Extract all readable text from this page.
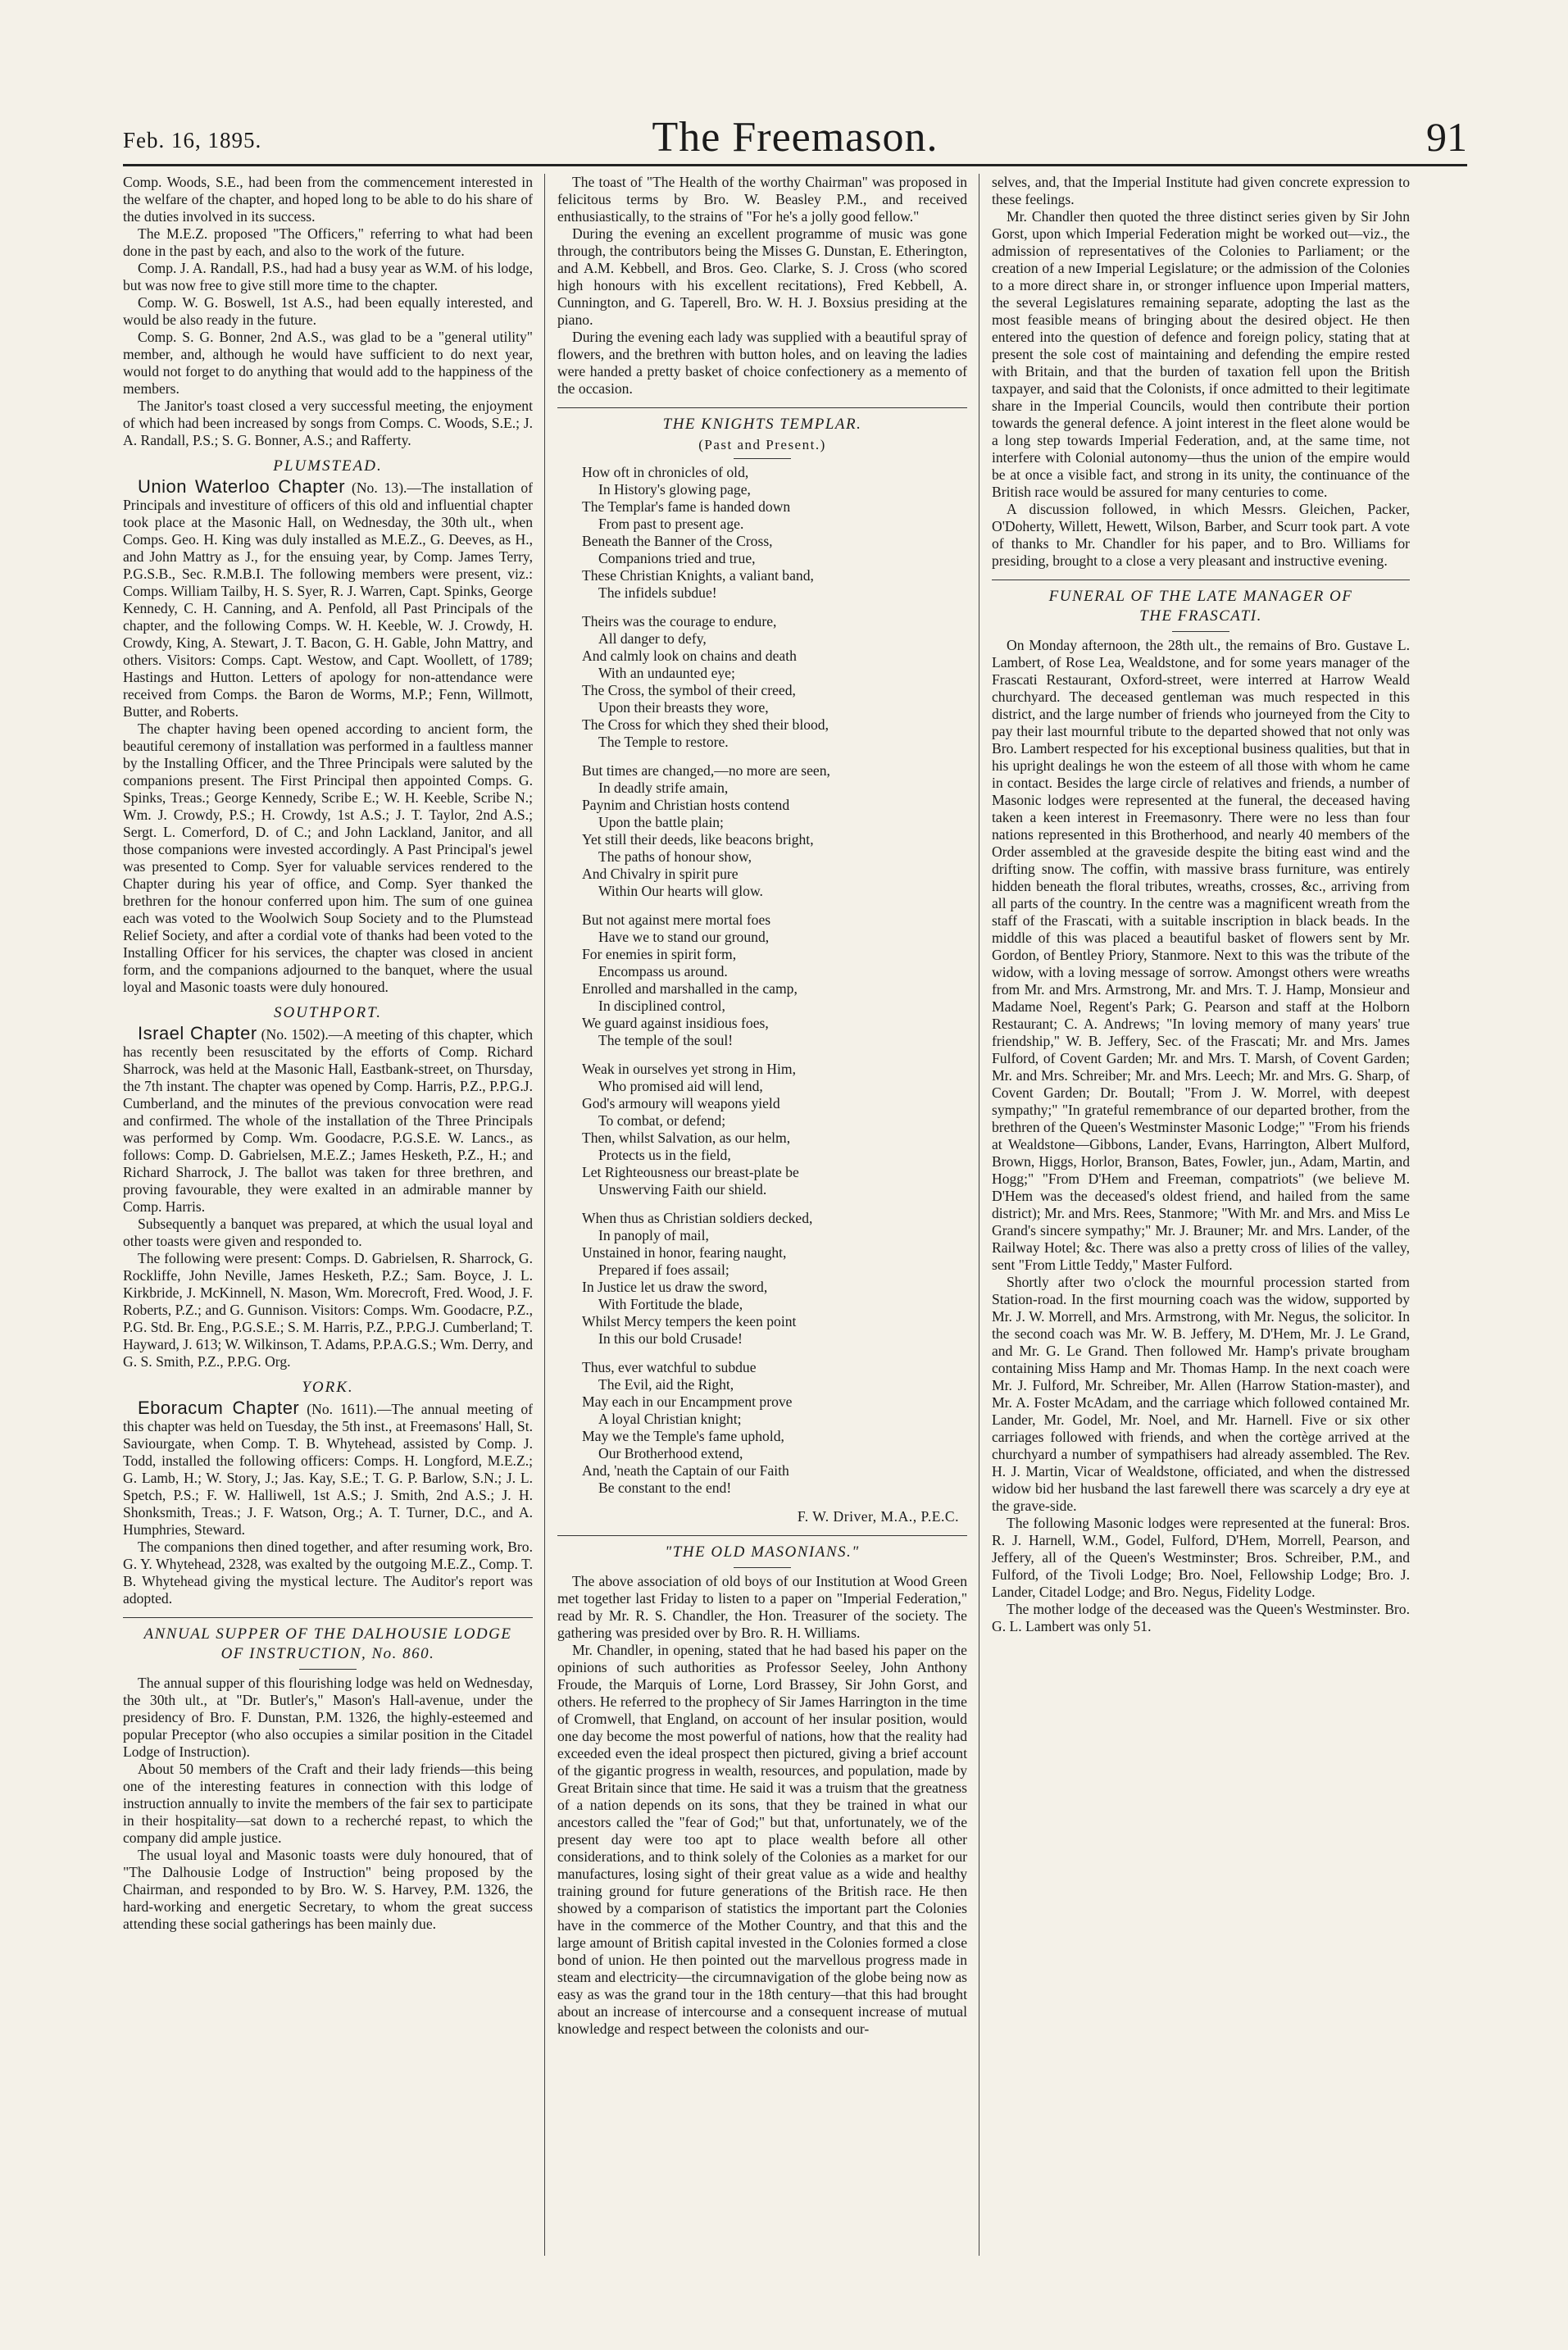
Feb. 16, 1895.	The Freemason.	91

Comp. Woods, S.E., had been from the commencement interested in the welfare of the chapter, and hoped long to be able to do his share of the duties involved in its success.

The M.E.Z. proposed "The Officers," referring to what had been done in the past by each, and also to the work of the future.

Comp. J. A. Randall, P.S., had had a busy year as W.M. of his lodge, but was now free to give still more time to the chapter.

Comp. W. G. Boswell, 1st A.S., had been equally interested, and would be also ready in the future.

Comp. S. G. Bonner, 2nd A.S., was glad to be a "general utility" member, and, although he would have sufficient to do next year, would not forget to do anything that would add to the happiness of the members.

The Janitor's toast closed a very successful meeting, the enjoyment of which had been increased by songs from Comps. C. Woods, S.E.; J. A. Randall, P.S.; S. G. Bonner, A.S.; and Rafferty.

PLUMSTEAD.

Union Waterloo Chapter (No. 13).—The installation of Principals and investiture of officers of this old and influential chapter took place at the Masonic Hall, on Wednesday, the 30th ult., when Comps. Geo. H. King was duly installed as M.E.Z., G. Deeves, as H., and John Mattry as J., for the ensuing year, by Comp. James Terry, P.G.S.B., Sec. R.M.B.I. The following members were present, viz.: Comps. William Tailby, H. S. Syer, R. J. Warren, Capt. Spinks, George Kennedy, C. H. Canning, and A. Penfold, all Past Principals of the chapter, and the following Comps. W. H. Keeble, W. J. Crowdy, H. Crowdy, King, A. Stewart, J. T. Bacon, G. H. Gable, John Mattry, and others. Visitors: Comps. Capt. Westow, and Capt. Woollett, of 1789; Hastings and Hutton. Letters of apology for non-attendance were received from Comps. the Baron de Worms, M.P.; Fenn, Willmott, Butter, and Roberts.

The chapter having been opened according to ancient form, the beautiful ceremony of installation was performed in a faultless manner by the Installing Officer, and the Three Principals were saluted by the companions present. The First Principal then appointed Comps. G. Spinks, Treas.; George Kennedy, Scribe E.; W. H. Keeble, Scribe N.; Wm. J. Crowdy, P.S.; H. Crowdy, 1st A.S.; J. T. Taylor, 2nd A.S.; Sergt. L. Comerford, D. of C.; and John Lackland, Janitor, and all those companions were invested accordingly. A Past Principal's jewel was presented to Comp. Syer for valuable services rendered to the Chapter during his year of office, and Comp. Syer thanked the brethren for the honour conferred upon him. The sum of one guinea each was voted to the Woolwich Soup Society and to the Plumstead Relief Society, and after a cordial vote of thanks had been voted to the Installing Officer for his services, the chapter was closed in ancient form, and the companions adjourned to the banquet, where the usual loyal and Masonic toasts were duly honoured.

SOUTHPORT.

Israel Chapter (No. 1502).—A meeting of this chapter, which has recently been resuscitated by the efforts of Comp. Richard Sharrock, was held at the Masonic Hall, Eastbank-street, on Thursday, the 7th instant. The chapter was opened by Comp. Harris, P.Z., P.P.G.J. Cumberland, and the minutes of the previous convocation were read and confirmed. The whole of the installation of the Three Principals was performed by Comp. Wm. Goodacre, P.G.S.E. W. Lancs., as follows: Comp. D. Gabrielsen, M.E.Z.; James Hesketh, P.Z., H.; and Richard Sharrock, J. The ballot was taken for three brethren, and proving favourable, they were exalted in an admirable manner by Comp. Harris.

Subsequently a banquet was prepared, at which the usual loyal and other toasts were given and responded to.

The following were present: Comps. D. Gabrielsen, R. Sharrock, G. Rockliffe, John Neville, James Hesketh, P.Z.; Sam. Boyce, J. L. Kirkbride, J. McKinnell, N. Mason, Wm. Morecroft, Fred. Wood, J. F. Roberts, P.Z.; and G. Gunnison. Visitors: Comps. Wm. Goodacre, P.Z., P.G. Std. Br. Eng., P.G.S.E.; S. M. Harris, P.Z., P.P.G.J. Cumberland; T. Hayward, J. 613; W. Wilkinson, T. Adams, P.P.A.G.S.; Wm. Derry, and G. S. Smith, P.Z., P.P.G. Org.

YORK.

Eboracum Chapter (No. 1611).—The annual meeting of this chapter was held on Tuesday, the 5th inst., at Freemasons' Hall, St. Saviourgate, when Comp. T. B. Whytehead, assisted by Comp. J. Todd, installed the following officers: Comps. H. Longford, M.E.Z.; G. Lamb, H.; W. Story, J.; Jas. Kay, S.E.; T. G. P. Barlow, S.N.; J. L. Spetch, P.S.; F. W. Halliwell, 1st A.S.; J. Smith, 2nd A.S.; J. H. Shonksmith, Treas.; J. F. Watson, Org.; A. T. Turner, D.C., and A. Humphries, Steward.

The companions then dined together, and after resuming work, Bro. G. Y. Whytehead, 2328, was exalted by the outgoing M.E.Z., Comp. T. B. Whytehead giving the mystical lecture. The Auditor's report was adopted.

ANNUAL SUPPER OF THE DALHOUSIE LODGE
OF INSTRUCTION, No. 860.

The annual supper of this flourishing lodge was held on Wednesday, the 30th ult., at "Dr. Butler's," Mason's Hall-avenue, under the presidency of Bro. F. Dunstan, P.M. 1326, the highly-esteemed and popular Preceptor (who also occupies a similar position in the Citadel Lodge of Instruction).

About 50 members of the Craft and their lady friends—this being one of the interesting features in connection with this lodge of instruction annually to invite the members of the fair sex to participate in their hospitality—sat down to a recherché repast, to which the company did ample justice.

The usual loyal and Masonic toasts were duly honoured, that of "The Dalhousie Lodge of Instruction" being proposed by the Chairman, and responded to by Bro. W. S. Harvey, P.M. 1326, the hard-working and energetic Secretary, to whom the great success attending these social gatherings has been mainly due.

The toast of "The Health of the worthy Chairman" was proposed in felicitous terms by Bro. W. Beasley P.M., and received enthusiastically, to the strains of "For he's a jolly good fellow."

During the evening an excellent programme of music was gone through, the contributors being the Misses G. Dunstan, E. Etherington, and A.M. Kebbell, and Bros. Geo. Clarke, S. J. Cross (who scored high honours with his excellent recitations), Fred Kebbell, A. Cunnington, and G. Taperell, Bro. W. H. J. Boxsius presiding at the piano.

During the evening each lady was supplied with a beautiful spray of flowers, and the brethren with button holes, and on leaving the ladies were handed a pretty basket of choice confectionery as a memento of the occasion.

THE KNIGHTS TEMPLAR.
(Past and Present.)
How oft in chronicles of old,
In History's glowing page,
The Templar's fame is handed down
From past to present age.
Beneath the Banner of the Cross,
Companions tried and true,
These Christian Knights, a valiant band,
The infidels subdue!
Theirs was the courage to endure,
All danger to defy,
And calmly look on chains and death
With an undaunted eye;
The Cross, the symbol of their creed,
Upon their breasts they wore,
The Cross for which they shed their blood,
The Temple to restore.
But times are changed,—no more are seen,
In deadly strife amain,
Paynim and Christian hosts contend
Upon the battle plain;
Yet still their deeds, like beacons bright,
The paths of honour show,
And Chivalry in spirit pure
Within Our hearts will glow.
But not against mere mortal foes
Have we to stand our ground,
For enemies in spirit form,
Encompass us around.
Enrolled and marshalled in the camp,
In disciplined control,
We guard against insidious foes,
The temple of the soul!
Weak in ourselves yet strong in Him,
Who promised aid will lend,
God's armoury will weapons yield
To combat, or defend;
Then, whilst Salvation, as our helm,
Protects us in the field,
Let Righteousness our breast-plate be
Unswerving Faith our shield.
When thus as Christian soldiers decked,
In panoply of mail,
Unstained in honor, fearing naught,
Prepared if foes assail;
In Justice let us draw the sword,
With Fortitude the blade,
Whilst Mercy tempers the keen point
In this our bold Crusade!
Thus, ever watchful to subdue
The Evil, aid the Right,
May each in our Encampment prove
A loyal Christian knight;
May we the Temple's fame uphold,
Our Brotherhood extend,
And, 'neath the Captain of our Faith
Be constant to the end!
F. W. Driver, M.A., P.E.C.
"THE OLD MASONIANS."

The above association of old boys of our Institution at Wood Green met together last Friday to listen to a paper on "Imperial Federation," read by Mr. R. S. Chandler, the Hon. Treasurer of the society. The gathering was presided over by Bro. R. H. Williams.

Mr. Chandler, in opening, stated that he had based his paper on the opinions of such authorities as Professor Seeley, John Anthony Froude, the Marquis of Lorne, Lord Brassey, Sir John Gorst, and others. He referred to the prophecy of Sir James Harrington in the time of Cromwell, that England, on account of her insular position, would one day become the most powerful of nations, how that the reality had exceeded even the ideal prospect then pictured, giving a brief account of the gigantic progress in wealth, resources, and population, made by Great Britain since that time. He said it was a truism that the greatness of a nation depends on its sons, that they be trained in what our ancestors called the "fear of God;" but that, unfortunately, we of the present day were too apt to place wealth before all other considerations, and to think solely of the Colonies as a market for our manufactures, losing sight of their great value as a wide and healthy training ground for future generations of the British race. He then showed by a comparison of statistics the important part the Colonies have in the commerce of the Mother Country, and that this and the large amount of British capital invested in the Colonies formed a close bond of union. He then pointed out the marvellous progress made in steam and electricity—the circumnavigation of the globe being now as easy as was the grand tour in the 18th century—that this had brought about an increase of intercourse and a consequent increase of mutual knowledge and respect between the colonists and our-

selves, and, that the Imperial Institute had given concrete expression to these feelings.

Mr. Chandler then quoted the three distinct series given by Sir John Gorst, upon which Imperial Federation might be worked out—viz., the admission of representatives of the Colonies to Parliament; or the creation of a new Imperial Legislature; or the admission of the Colonies to a more direct share in, or stronger influence upon Imperial matters, the several Legislatures remaining separate, adopting the last as the most feasible means of bringing about the desired object. He then entered into the question of defence and foreign policy, stating that at present the sole cost of maintaining and defending the empire rested with Britain, and that the burden of taxation fell upon the British taxpayer, and said that the Colonists, if once admitted to their legitimate share in the Imperial Councils, would then contribute their portion towards the general defence. A joint interest in the fleet alone would be a long step towards Imperial Federation, and, at the same time, not interfere with Colonial autonomy—thus the union of the empire would be at once a visible fact, and strong in its unity, the continuance of the British race would be assured for many centuries to come.

A discussion followed, in which Messrs. Gleichen, Packer, O'Doherty, Willett, Hewett, Wilson, Barber, and Scurr took part. A vote of thanks to Mr. Chandler for his paper, and to Bro. Williams for presiding, brought to a close a very pleasant and instructive evening.

FUNERAL OF THE LATE MANAGER OF
THE FRASCATI.

On Monday afternoon, the 28th ult., the remains of Bro. Gustave L. Lambert, of Rose Lea, Wealdstone, and for some years manager of the Frascati Restaurant, Oxford-street, were interred at Harrow Weald churchyard. The deceased gentleman was much respected in this district, and the large number of friends who journeyed from the City to pay their last mournful tribute to the departed showed that not only was Bro. Lambert respected for his exceptional business qualities, but that in his upright dealings he won the esteem of all those with whom he came in contact. Besides the large circle of relatives and friends, a number of Masonic lodges were represented at the funeral, the deceased having taken a keen interest in Freemasonry. There were no less than four nations represented in this Brotherhood, and nearly 40 members of the Order assembled at the graveside despite the biting east wind and the drifting snow. The coffin, with massive brass furniture, was entirely hidden beneath the floral tributes, wreaths, crosses, &c., arriving from all parts of the country. In the centre was a magnificent wreath from the staff of the Frascati, with a suitable inscription in black beads. In the middle of this was placed a beautiful basket of flowers sent by Mr. Gordon, of Bentley Priory, Stanmore. Next to this was the tribute of the widow, with a loving message of sorrow. Amongst others were wreaths from Mr. and Mrs. Armstrong, Mr. and Mrs. T. J. Hamp, Monsieur and Madame Noel, Regent's Park; G. Pearson and staff at the Holborn Restaurant; C. A. Andrews; "In loving memory of many years' true friendship," W. B. Jeffery, Sec. of the Frascati; Mr. and Mrs. James Fulford, of Covent Garden; Mr. and Mrs. T. Marsh, of Covent Garden; Mr. and Mrs. Schreiber; Mr. and Mrs. Leech; Mr. and Mrs. G. Sharp, of Covent Garden; Dr. Boutall; "From J. W. Morrel, with deepest sympathy;" "In grateful remembrance of our departed brother, from the brethren of the Queen's Westminster Masonic Lodge;" "From his friends at Wealdstone—Gibbons, Lander, Evans, Harrington, Albert Mulford, Brown, Higgs, Horlor, Branson, Bates, Fowler, jun., Adam, Martin, and Hogg;" "From D'Hem and Freeman, compatriots" (we believe M. D'Hem was the deceased's oldest friend, and hailed from the same district); Mr. and Mrs. Rees, Stanmore; "With Mr. and Mrs. and Miss Le Grand's sincere sympathy;" Mr. J. Brauner; Mr. and Mrs. Lander, of the Railway Hotel; &c. There was also a pretty cross of lilies of the valley, sent "From Little Teddy," Master Fulford.

Shortly after two o'clock the mournful procession started from Station-road. In the first mourning coach was the widow, supported by Mr. J. W. Morrell, and Mrs. Armstrong, with Mr. Negus, the solicitor. In the second coach was Mr. W. B. Jeffery, M. D'Hem, Mr. J. Le Grand, and Mr. G. Le Grand. Then followed Mr. Hamp's private brougham containing Miss Hamp and Mr. Thomas Hamp. In the next coach were Mr. J. Fulford, Mr. Schreiber, Mr. Allen (Harrow Station-master), and Mr. A. Foster McAdam, and the carriage which followed contained Mr. Lander, Mr. Godel, Mr. Noel, and Mr. Harnell. Five or six other carriages followed with friends, and when the cortège arrived at the churchyard a number of sympathisers had already assembled. The Rev. H. J. Martin, Vicar of Wealdstone, officiated, and when the distressed widow bid her husband the last farewell there was scarcely a dry eye at the grave-side.

The following Masonic lodges were represented at the funeral: Bros. R. J. Harnell, W.M., Godel, Fulford, D'Hem, Morrell, Pearson, and Jeffery, all of the Queen's Westminster; Bros. Schreiber, P.M., and Fulford, of the Tivoli Lodge; Bro. Noel, Fellowship Lodge; Bro. J. Lander, Citadel Lodge; and Bro. Negus, Fidelity Lodge.

The mother lodge of the deceased was the Queen's Westminster. Bro. G. L. Lambert was only 51.
